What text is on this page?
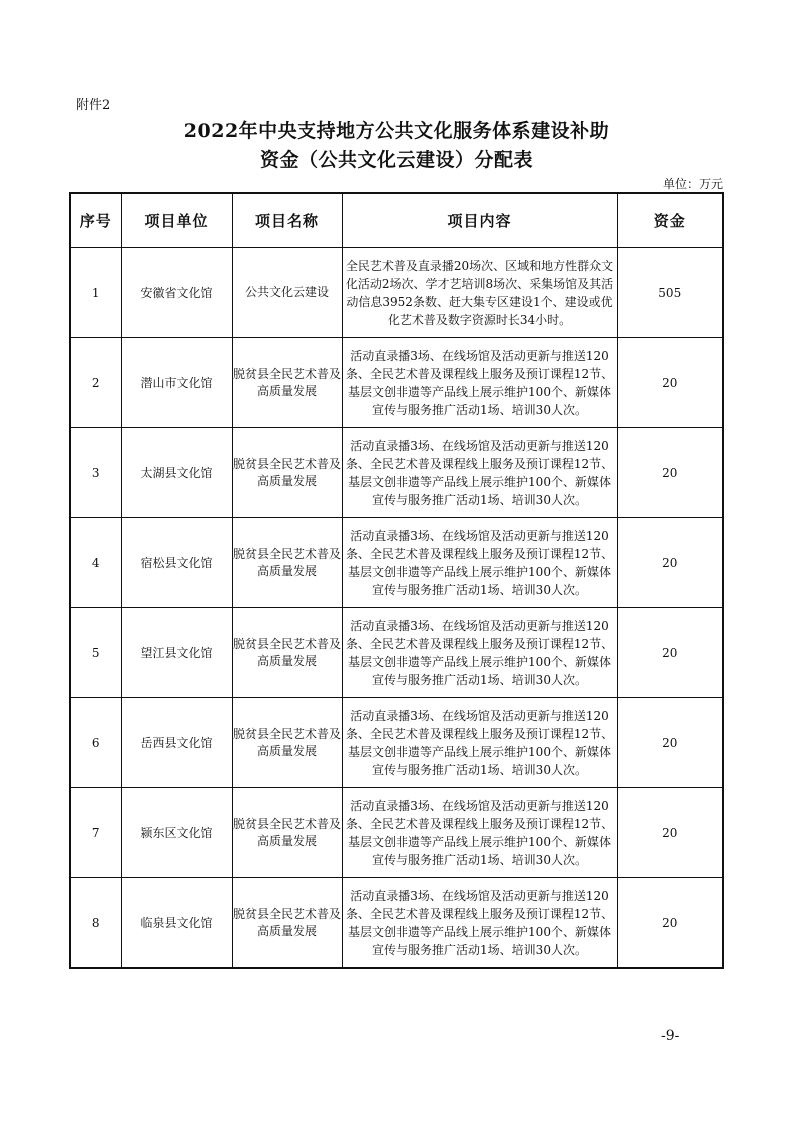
附件2
2022年中央支持地方公共文化服务体系建设补助
资金（公共文化云建设）分配表
单位：万元
序号	项目单位	项目名称	项目内容	资金
1	安徽省文化馆	公共文化云建设	全民艺术普及直录播20场次、区域和地方性群众文化活动2场次、学才艺培训8场次、采集场馆及其活动信息3952条数、赶大集专区建设1个、建设或优化艺术普及数字资源时长34小时。	505
2	潜山市文化馆	脱贫县全民艺术普及高质量发展	活动直录播3场、在线场馆及活动更新与推送120条、全民艺术普及课程线上服务及预订课程12节、基层文创非遗等产品线上展示维护100个、新媒体宣传与服务推广活动1场、培训30人次。	20
3	太湖县文化馆	脱贫县全民艺术普及高质量发展	活动直录播3场、在线场馆及活动更新与推送120条、全民艺术普及课程线上服务及预订课程12节、基层文创非遗等产品线上展示维护100个、新媒体宣传与服务推广活动1场、培训30人次。	20
4	宿松县文化馆	脱贫县全民艺术普及高质量发展	活动直录播3场、在线场馆及活动更新与推送120条、全民艺术普及课程线上服务及预订课程12节、基层文创非遗等产品线上展示维护100个、新媒体宣传与服务推广活动1场、培训30人次。	20
5	望江县文化馆	脱贫县全民艺术普及高质量发展	活动直录播3场、在线场馆及活动更新与推送120条、全民艺术普及课程线上服务及预订课程12节、基层文创非遗等产品线上展示维护100个、新媒体宣传与服务推广活动1场、培训30人次。	20
6	岳西县文化馆	脱贫县全民艺术普及高质量发展	活动直录播3场、在线场馆及活动更新与推送120条、全民艺术普及课程线上服务及预订课程12节、基层文创非遗等产品线上展示维护100个、新媒体宣传与服务推广活动1场、培训30人次。	20
7	颍东区文化馆	脱贫县全民艺术普及高质量发展	活动直录播3场、在线场馆及活动更新与推送120条、全民艺术普及课程线上服务及预订课程12节、基层文创非遗等产品线上展示维护100个、新媒体宣传与服务推广活动1场、培训30人次。	20
8	临泉县文化馆	脱贫县全民艺术普及高质量发展	活动直录播3场、在线场馆及活动更新与推送120条、全民艺术普及课程线上服务及预订课程12节、基层文创非遗等产品线上展示维护100个、新媒体宣传与服务推广活动1场、培训30人次。	20
-9-
